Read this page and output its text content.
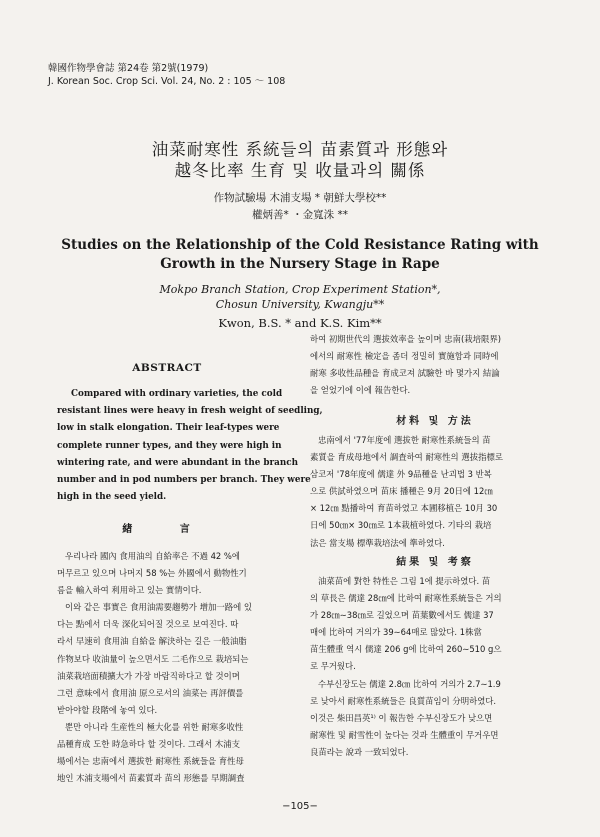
韓國作物學會誌 第24卷 第2號(1979)
J. Korean Soc. Crop Sci. Vol. 24, No. 2 : 105 ～ 108
油菜耐寒性 系統들의 苗素質과 形態와
越冬比率 生育 및 收量과의 關係
作物試驗場 木浦支場 * 朝鮮大學校**
權炳善* ・金寬洙 **
Studies on the Relationship of the Cold Resistance Rating with
Growth in the Nursery Stage in Rape
Mokpo Branch Station, Crop Experiment Station*,
Chosun University, Kwangju**
Kwon, B.S. * and K.S. Kim**
ABSTRACT
Compared with ordinary varieties, the cold
resistant lines were heavy in fresh weight of seedling,
low in stalk elongation. Their leaf-types were
complete runner types, and they were high in
wintering rate, and were abundant in the branch
number and in pod numbers per branch. They were
high in the seed yield.
緖 言
우리나라 國內 食用油의 自給率은 不過 42 %에
머무르고 있으며 나머지 58 %는 外國에서 動物性기
름을 輸入하여 利用하고 있는 實情이다.
이와 같은 事實은 食用油需要趨勢가 增加一路에 있
다는 點에서 더욱 深化되어질 것으로 보여진다. 따
라서 早速히 食用油 自給을 解決하는 길은 一般油脂
作物보다 收油量이 높으면서도 二毛作으로 栽培되는
油菜栽培面積擴大가 가장 바람직하다고 할 것이며
그런 意味에서 食用油 原으로서의 油菜는 再評價를
받아야할 段階에 놓여 있다.
뿐만 아니라 生産性의 極大化를 위한 耐寒多收性
品種育成 도한 時急하다 할 것이다. 그래서 木浦支
場에서는 忠南에서 選拔한 耐寒性 系統들을 育性母
地인 木浦支場에서 苗素質과 苗의 形態를 早期調査
하여 初期世代의 選拔效率을 높이며 忠南(栽培限界)
에서의 耐寒性 檢定을 좀더 정밀히 實施함과 同時에
耐寒 多收性品種을 育成코져 試驗한 바 몇가지 結論
을 얻었기에 이에 報告한다.
材料 및 方法
忠南에서 '77年度에 選拔한 耐寒性系統들의 苗
素質을 育成母地에서 調査하여 耐寒性의 選拔指標로
삼코저 '78年度에 儒達 外 9品種을 난괴법 3 반복
으로 供試하였으며 苗床 播種은 9月 20日에 12㎝
× 12㎝ 點播하여 育苗하였고 本圃移植은 10月 30
日에 50㎝× 30㎝로 1本栽植하였다. 기타의 栽培
法은 當支場 標準栽培法에 準하였다.
結果 및 考察
油菜苗에 對한 特性은 그림 1에 提示하였다. 苗
의 草長은 儒達 28㎝에 比하여 耐寒性系統들은 거의
가 28㎝∼38㎝로 길었으며 苗葉數에서도 儒達 37
매에 比하여 거의가 39∼64매로 많았다. 1株當
苗生體重 역시 儒達 206 g에 比하여 260∼510 g으
로 무거웠다.
수부신장도는 儒達 2.8㎝ 比하여 거의가 2.7∼1.9
로 낮아서 耐寒性系統들은 良質苗임이 分明하였다.
이것은 柴田昌英¹⁾ 이 報告한 수부신장도가 낮으면
耐寒性 및 耐雪性이 높다는 것과 生體重이 무거우면
良苗라는 說과 一致되었다.
−105−
